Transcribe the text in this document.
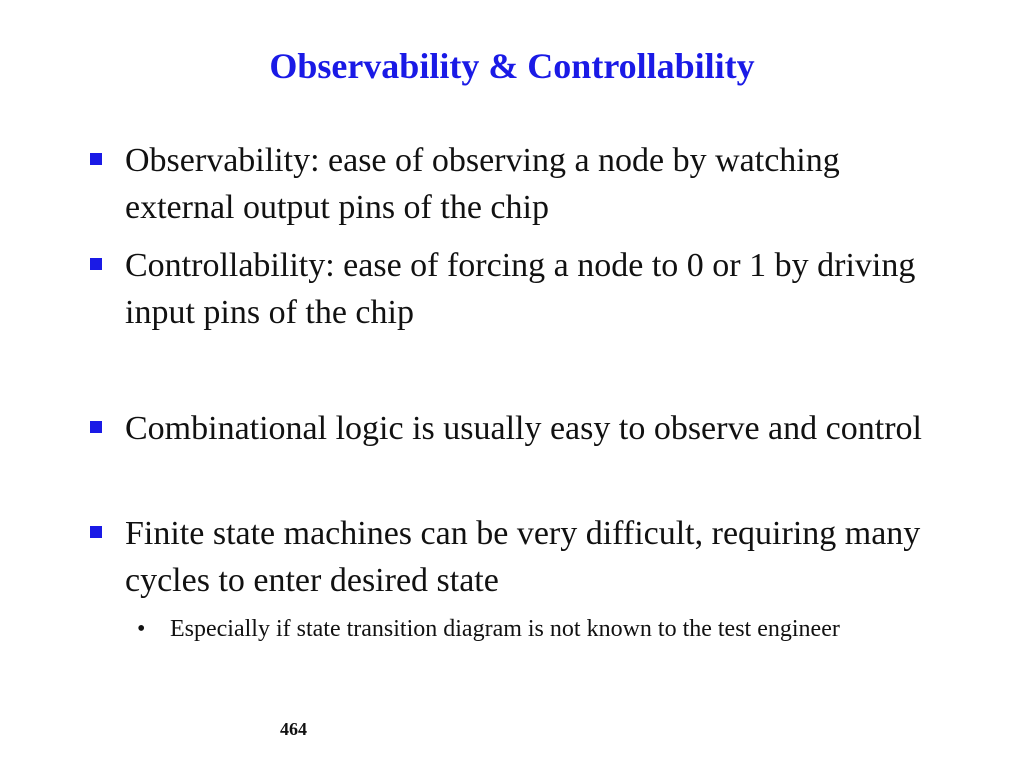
Observability & Controllability
Observability: ease of observing a node by watching external output pins of the chip
Controllability: ease of forcing a node to 0 or 1 by driving input pins of the chip
Combinational logic is usually easy to observe and control
Finite state machines can be very difficult, requiring many cycles to enter desired state
• Especially if state transition diagram is not known to the test engineer
464
